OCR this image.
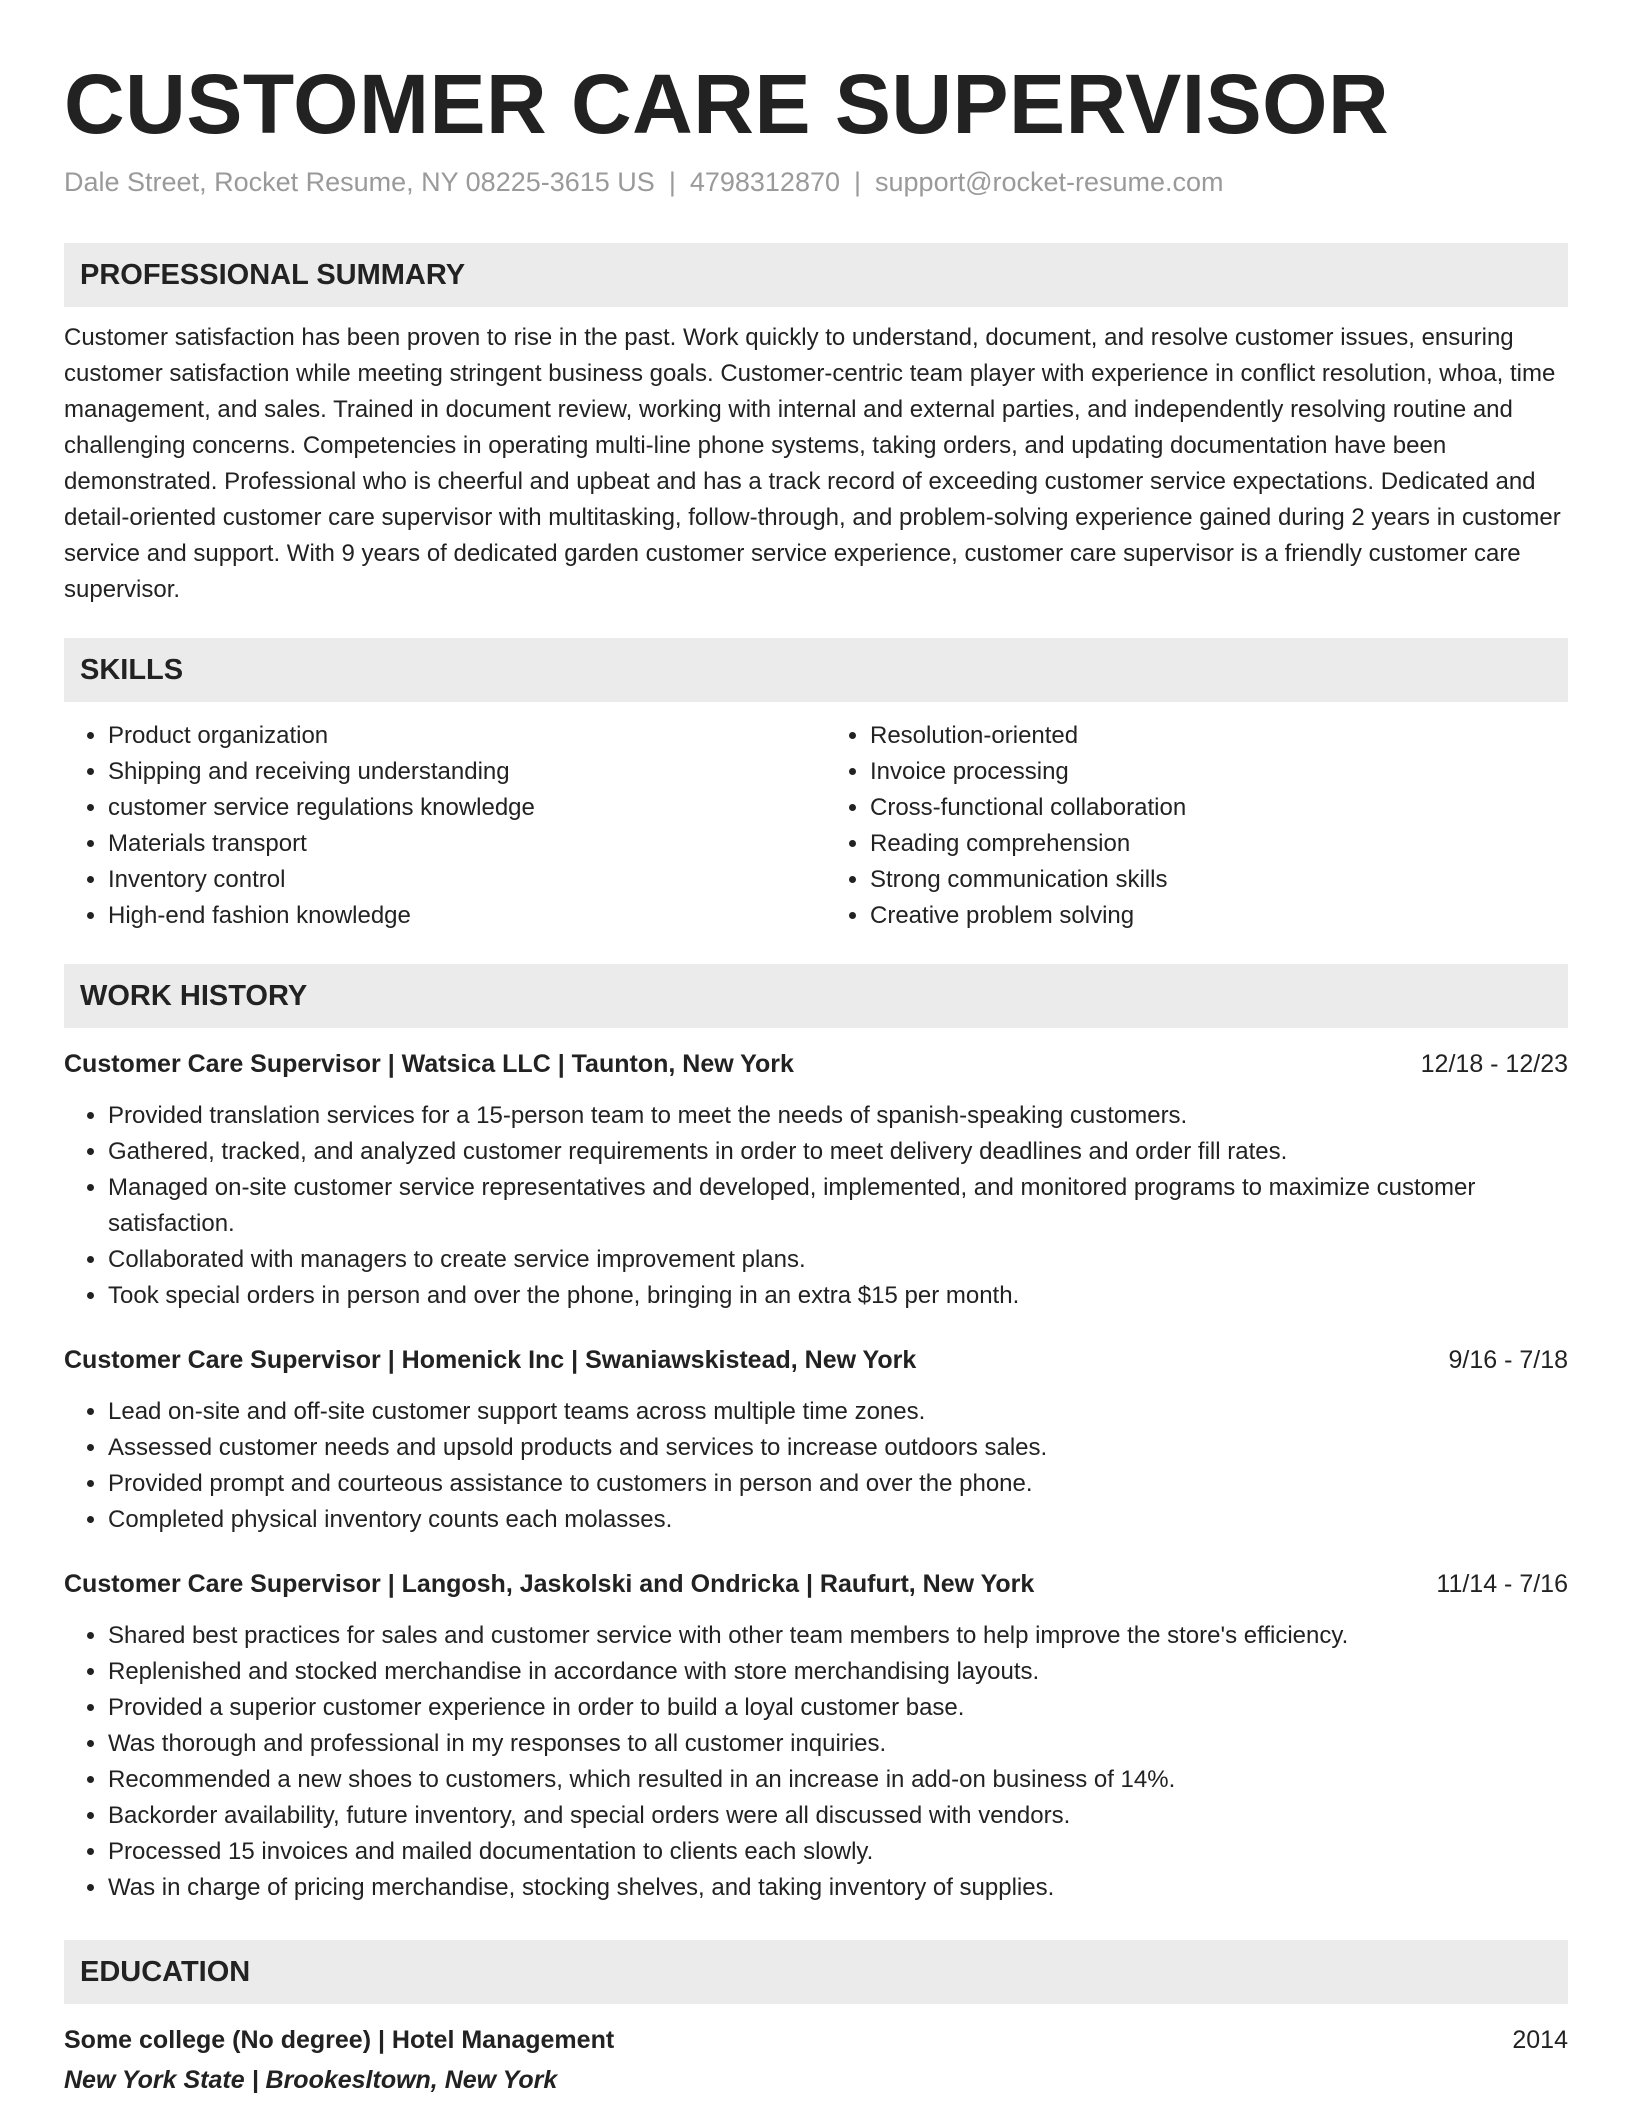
CUSTOMER CARE SUPERVISOR
Dale Street, Rocket Resume, NY 08225-3615 US | 4798312870 | support@rocket-resume.com
PROFESSIONAL SUMMARY

Customer satisfaction has been proven to rise in the past. Work quickly to understand, document, and resolve customer issues, ensuring customer satisfaction while meeting stringent business goals. Customer-centric team player with experience in conflict resolution, whoa, time management, and sales. Trained in document review, working with internal and external parties, and independently resolving routine and challenging concerns. Competencies in operating multi-line phone systems, taking orders, and updating documentation have been demonstrated. Professional who is cheerful and upbeat and has a track record of exceeding customer service expectations. Dedicated and detail-oriented customer care supervisor with multitasking, follow-through, and problem-solving experience gained during 2 years in customer service and support. With 9 years of dedicated garden customer service experience, customer care supervisor is a friendly customer care supervisor.

SKILLS
• Product organization
• Shipping and receiving understanding
• customer service regulations knowledge
• Materials transport
• Inventory control
• High-end fashion knowledge
• Resolution-oriented
• Invoice processing
• Cross-functional collaboration
• Reading comprehension
• Strong communication skills
• Creative problem solving
WORK HISTORY
Customer Care Supervisor | Watsica LLC | Taunton, New York	12/18 - 12/23
• Provided translation services for a 15-person team to meet the needs of spanish-speaking customers.
• Gathered, tracked, and analyzed customer requirements in order to meet delivery deadlines and order fill rates.
• Managed on-site customer service representatives and developed, implemented, and monitored programs to maximize customer satisfaction.
• Collaborated with managers to create service improvement plans.
• Took special orders in person and over the phone, bringing in an extra $15 per month.
Customer Care Supervisor | Homenick Inc | Swaniawskistead, New York	9/16 - 7/18
• Lead on-site and off-site customer support teams across multiple time zones.
• Assessed customer needs and upsold products and services to increase outdoors sales.
• Provided prompt and courteous assistance to customers in person and over the phone.
• Completed physical inventory counts each molasses.
Customer Care Supervisor | Langosh, Jaskolski and Ondricka | Raufurt, New York	11/14 - 7/16
• Shared best practices for sales and customer service with other team members to help improve the store's efficiency.
• Replenished and stocked merchandise in accordance with store merchandising layouts.
• Provided a superior customer experience in order to build a loyal customer base.
• Was thorough and professional in my responses to all customer inquiries.
• Recommended a new shoes to customers, which resulted in an increase in add-on business of 14%.
• Backorder availability, future inventory, and special orders were all discussed with vendors.
• Processed 15 invoices and mailed documentation to clients each slowly.
• Was in charge of pricing merchandise, stocking shelves, and taking inventory of supplies.
EDUCATION
Some college (No degree) | Hotel Management	2014
New York State | Brookesltown, New York
